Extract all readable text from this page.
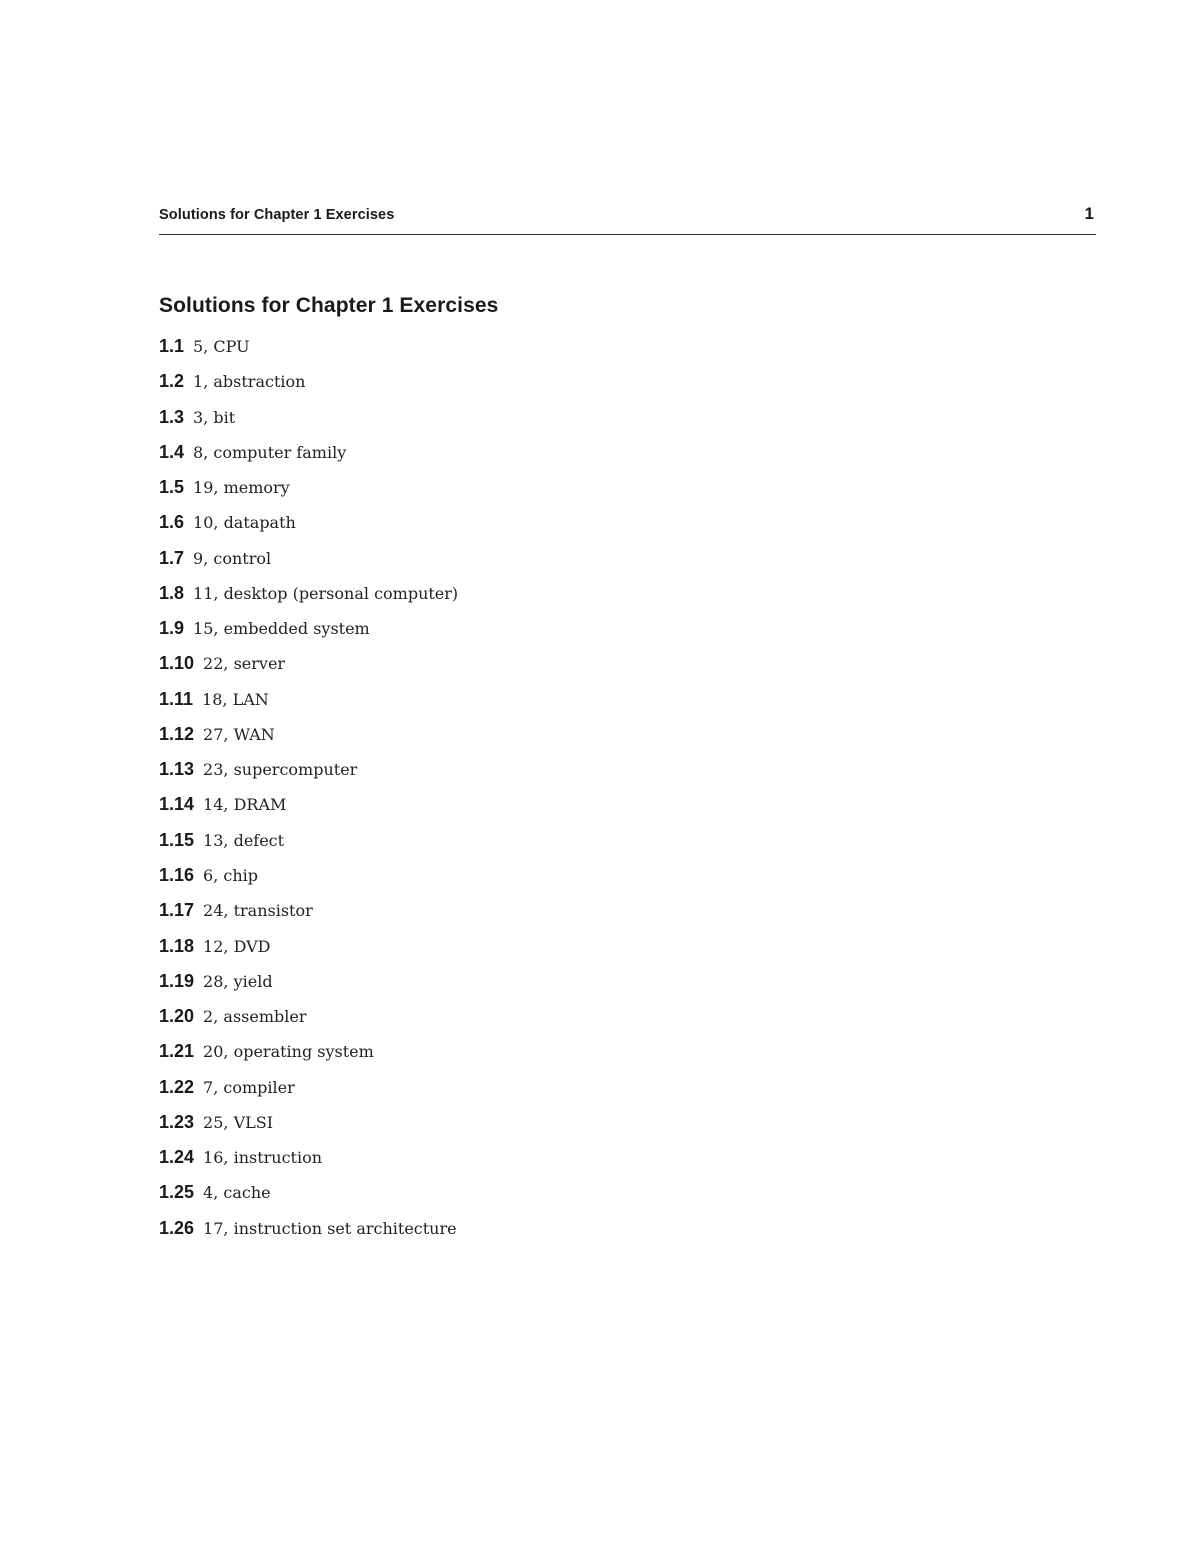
Solutions for Chapter 1 Exercises	1
Solutions for Chapter 1 Exercises
1.1 5, CPU
1.2 1, abstraction
1.3 3, bit
1.4 8, computer family
1.5 19, memory
1.6 10, datapath
1.7 9, control
1.8 11, desktop (personal computer)
1.9 15, embedded system
1.10 22, server
1.11 18, LAN
1.12 27, WAN
1.13 23, supercomputer
1.14 14, DRAM
1.15 13, defect
1.16 6, chip
1.17 24, transistor
1.18 12, DVD
1.19 28, yield
1.20 2, assembler
1.21 20, operating system
1.22 7, compiler
1.23 25, VLSI
1.24 16, instruction
1.25 4, cache
1.26 17, instruction set architecture
